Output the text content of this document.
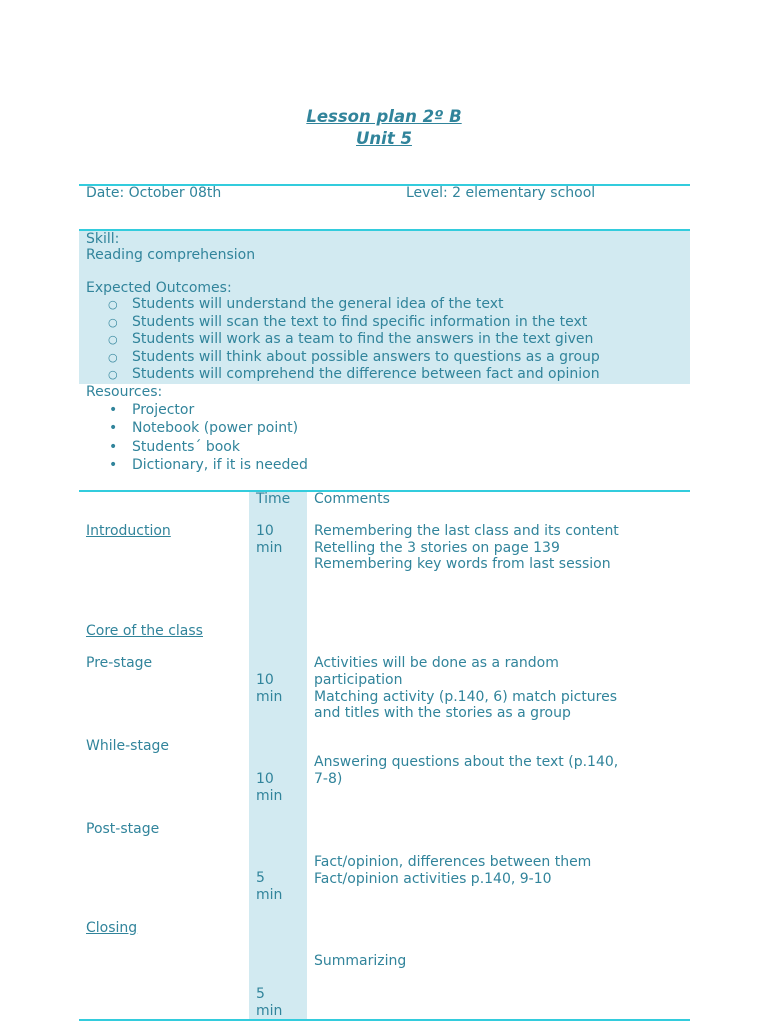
Lesson plan 2º B
Unit 5
Date: October 08th	Level: 2 elementary school
Skill:
Reading comprehension
Expected Outcomes:
○ Students will understand the general idea of the text
○ Students will scan the text to find specific information in the text
○ Students will work as a team to find the answers in the text given
○ Students will think about possible answers to questions as a group
○ Students will comprehend the difference between fact and opinion
Resources:
• Projector
• Notebook (power point)
• Students´ book
• Dictionary, if it is needed
Time Comments
Introduction	10
min
Remembering the last class and its content
Retelling the 3 stories on page 139
Remembering key words from last session
Core of the class
Pre-stage
10
min
Activities will be done as a random
participation
Matching activity (p.140, 6) match pictures
and titles with the stories as a group
While-stage
10
min
Answering questions about the text (p.140,
7-8)
Post-stage
5
min
Fact/opinion, differences between them
Fact/opinion activities p.140, 9-10
Closing
5
min
Summarizing
